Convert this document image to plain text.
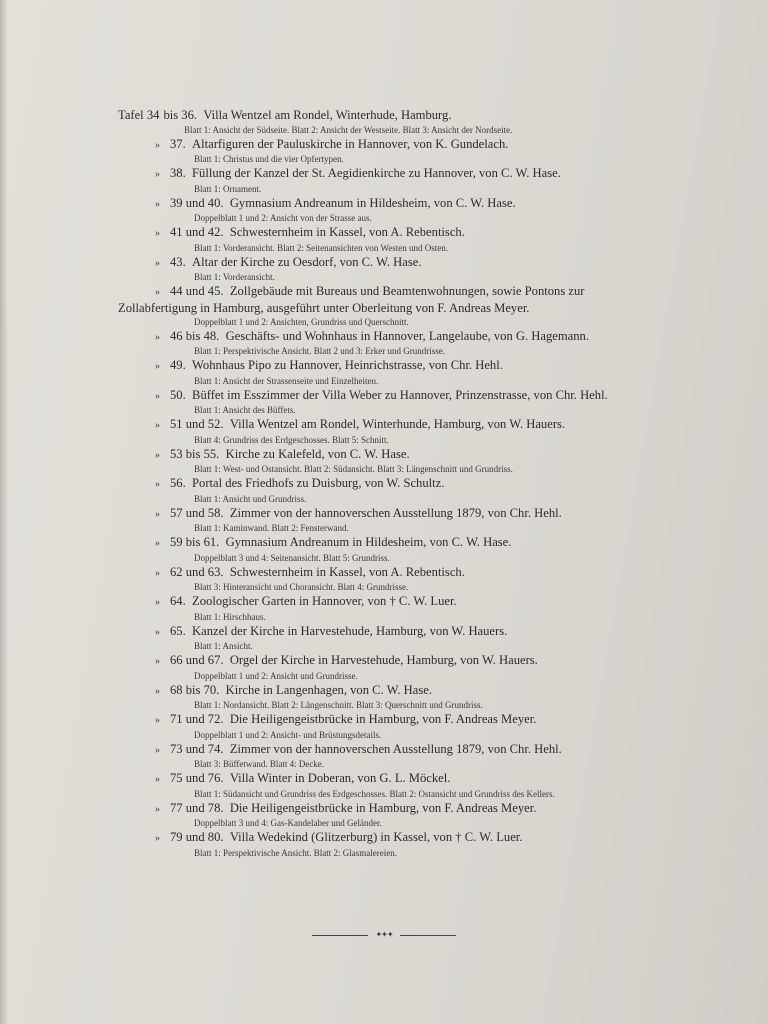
Tafel 34 bis 36. Villa Wentzel am Rondel, Winterhude, Hamburg.
Blatt 1: Ansicht der Südseite. Blatt 2: Ansicht der Westseite. Blatt 3: Ansicht der Nordseite.
» 37. Altarfiguren der Pauluskirche in Hannover, von K. Gundelach.
Blatt 1: Christus und die vier Opfertypen.
» 38. Füllung der Kanzel der St. Aegidienkirche zu Hannover, von C. W. Hase.
Blatt 1: Ornament.
» 39 und 40. Gymnasium Andreanum in Hildesheim, von C. W. Hase.
Doppelblatt 1 und 2: Ansicht von der Strasse aus.
» 41 und 42. Schwesternheim in Kassel, von A. Rebentisch.
Blatt 1: Vorderansicht. Blatt 2: Seitenansichten von Westen und Osten.
» 43. Altar der Kirche zu Oesdorf, von C. W. Hase.
Blatt 1: Vorderansicht.
» 44 und 45. Zollgebäude mit Bureaus und Beamtenwohnungen, sowie Pontons zur
Zollabfertigung in Hamburg, ausgeführt unter Oberleitung von F. Andreas Meyer.
Doppelblatt 1 und 2: Ansichten, Grundriss und Querschnitt.
» 46 bis 48. Geschäfts- und Wohnhaus in Hannover, Langelaube, von G. Hagemann.
Blatt 1: Perspektivische Ansicht. Blatt 2 und 3: Erker und Grundrisse.
» 49. Wohnhaus Pipo zu Hannover, Heinrichstrasse, von Chr. Hehl.
Blatt 1: Ansicht der Strassenseite und Einzelheiten.
» 50. Büffet im Esszimmer der Villa Weber zu Hannover, Prinzenstrasse, von Chr. Hehl.
Blatt 1: Ansicht des Büffets.
» 51 und 52. Villa Wentzel am Rondel, Winterhunde, Hamburg, von W. Hauers.
Blatt 4: Grundriss des Erdgeschosses. Blatt 5: Schnitt.
» 53 bis 55. Kirche zu Kalefeld, von C. W. Hase.
Blatt 1: West- und Ostansicht. Blatt 2: Südansicht. Blatt 3: Längenschnitt und Grundriss.
» 56. Portal des Friedhofs zu Duisburg, von W. Schultz.
Blatt 1: Ansicht und Grundriss.
» 57 und 58. Zimmer von der hannoverschen Ausstellung 1879, von Chr. Hehl.
Blatt 1: Kaminwand. Blatt 2: Fensterwand.
» 59 bis 61. Gymnasium Andreanum in Hildesheim, von C. W. Hase.
Doppelblatt 3 und 4: Seitenansicht. Blatt 5: Grundriss.
» 62 und 63. Schwesternheim in Kassel, von A. Rebentisch.
Blatt 3: Hinteransicht und Choransicht. Blatt 4: Grundrisse.
» 64. Zoologischer Garten in Hannover, von † C. W. Luer.
Blatt 1: Hirschhaus.
» 65. Kanzel der Kirche in Harvestehude, Hamburg, von W. Hauers.
Blatt 1: Ansicht.
» 66 und 67. Orgel der Kirche in Harvestehude, Hamburg, von W. Hauers.
Doppelblatt 1 und 2: Ansicht und Grundrisse.
» 68 bis 70. Kirche in Langenhagen, von C. W. Hase.
Blatt 1: Nordansicht. Blatt 2: Längenschnitt. Blatt 3: Querschnitt und Grundriss.
» 71 und 72. Die Heiligengeistbrücke in Hamburg, von F. Andreas Meyer.
Doppelblatt 1 und 2: Ansicht- und Brüstungsdetails.
» 73 und 74. Zimmer von der hannoverschen Ausstellung 1879, von Chr. Hehl.
Blatt 3: Büffetwand. Blatt 4: Decke.
» 75 und 76. Villa Winter in Doberan, von G. L. Möckel.
Blatt 1: Südansicht und Grundriss des Erdgeschosses. Blatt 2: Ostansicht und Grundriss des Kellers.
» 77 und 78. Die Heiligengeistbrücke in Hamburg, von F. Andreas Meyer.
Doppelblatt 3 und 4: Gas-Kandelaber und Geländer.
» 79 und 80. Villa Wedekind (Glitzerburg) in Kassel, von † C. W. Luer.
Blatt 1: Perspektivische Ansicht. Blatt 2: Glasmalereien.
✦✦✦
